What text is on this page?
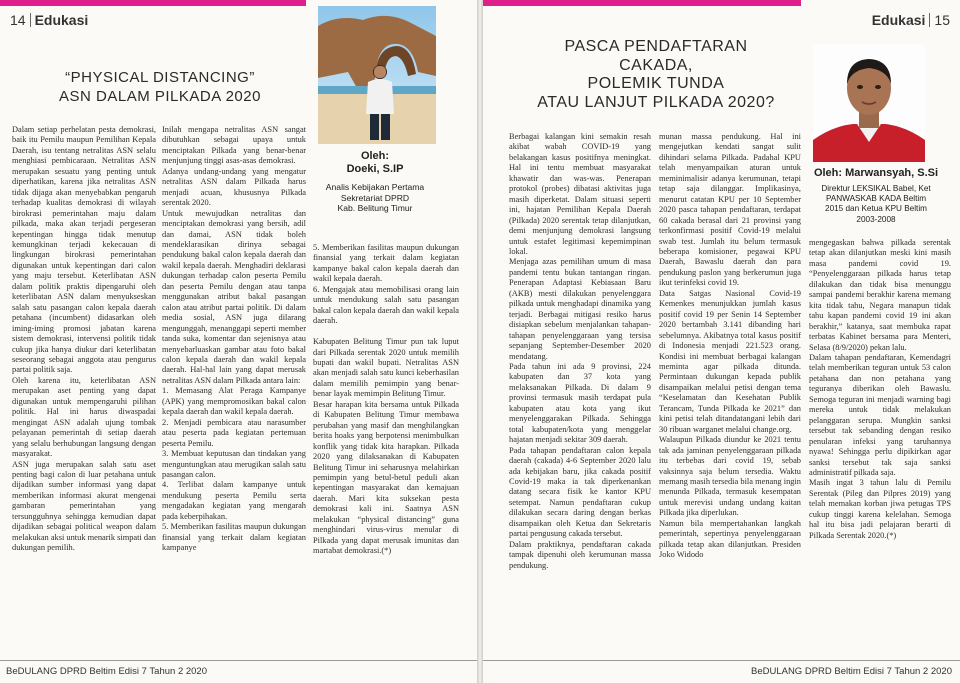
14 Edukasi
“PHYSICAL DISTANCING”
ASN DALAM PILKADA 2020
Oleh:
Doeki, S.IP
Analis Kebijakan Pertama
Sekretariat DPRD
Kab. Belitung Timur
Dalam setiap perhelatan pesta demokrasi, baik itu Pemilu maupun Pemilihan Kepala Daerah, isu tentang netralitas ASN selalu menghiasi pembicaraan. Netralitas ASN merupakan sesuatu yang penting untuk diperhatikan, karena jika netralitas ASN tidak dijaga akan menyebabkan pengaruh terhadap kualitas demokrasi di wilayah birokrasi pemerintahan maju dalam pilkada, maka akan terjadi pergeseran kepentingan hingga tidak menutup kemungkinan terjadi kekecauan di lingkungan birokrasi pemerintahan digunakan untuk kepentingan dari calon yang maju tersebut. Keterlibatan ASN dalam politik praktis dipengaruhi oleh keterlibatan ASN dalam menyukseskan salah satu pasangan calon kepala daerah petahana (incumbent) didasarkan oleh iming-iming promosi jabatan karena sistem demokrasi, intervensi politik tidak cukup jika hanya diukur dari keterlibatan seseorang sebagai anggota atau pengurus partai politik saja.
Oleh karena itu, keterlibatan ASN merupakan aset penting yang dapat digunakan untuk mempengaruhi pilihan politik. Hal ini harus diwaspadai mengingat ASN adalah ujung tombak pelayanan pemerintah di setiap daerah yang selalu berhubungan langsung dengan masyarakat.
ASN juga merupakan salah satu aset penting bagi calon di luar petahana untuk dijadikan sumber informasi yang dapat memberikan informasi akurat mengenai gambaran pemerintahan yang tersungguhnya sehingga kemudian dapat dijadikan sebagai political weapon dalam melakukan aksi untuk menarik simpati dan dukungan pemilih.
Inilah mengapa netralitas ASN sangat dibutuhkan sebagai upaya untuk menciptakan Pilkada yang benar-benar menjunjung tinggi asas-asas demokrasi.
Adanya undang-undang yang mengatur netralitas ASN dalam Pilkada harus menjadi acuan, khususnya Pilkada serentak 2020.
Untuk mewujudkan netralitas dan menciptakan demokrasi yang bersih, adil dan damai, ASN tidak boleh mendeklarasikan dirinya sebagai pendukung bakal calon kepala daerah dan wakil kepala daerah. Menghadiri deklarasi dukungan terhadap calon peserta Pemilu dan peserta Pemilu dengan atau tanpa menggunakan atribut bakal pasangan calon atau atribut partai politik. Di dalam media sosial, ASN juga dilarang mengunggah, menanggapi seperti member tanda suka, komentar dan sejenisnya atau menyebarluaskan gambar atau foto bakal calon kepala daerah dan wakil kepala daerah. Hal-hal lain yang dapat merusak netralitas ASN dalam Pilkada antara lain:
1. Memasang Alat Peraga Kampanye (APK) yang mempromosikan bakal calon kepala daerah dan wakil kepala daerah.
2. Menjadi pembicara atau narasumber atau peserta pada kegiatan pertemuan peserta Pemilu.
3. Membuat keputusan dan tindakan yang menguntungkan atau merugikan salah satu pasangan calon.
4. Terlibat dalam kampanye untuk mendukung peserta Pemilu serta mengadakan kegiatan yang mengarah pada keberpihakan.
5. Memberikan fasilitas maupun dukungan finansial yang terkait dalam kegiatan kampanye
5. Memberikan fasilitas maupun dukungan finansial yang terkait dalam kegiatan kampanye bakal calon kepala daerah dan wakil kepala daerah.
6. Mengajak atau memobilisasi orang lain untuk mendukung salah satu pasangan bakal calon kepala daerah dan wakil kepala daerah.

Kabupaten Belitung Timur pun tak luput dari Pilkada serentak 2020 untuk memilih bupati dan wakil bupati. Netralitas ASN akan menjadi salah satu kunci keberhasilan dalam memilih pemimpin yang benar-benar layak memimpin Belitung Timur.
Besar harapan kita bersama untuk Pilkada di Kabupaten Belitung Timur membawa perubahan yang masif dan menghilangkan berita hoaks yang berpotensi menimbulkan konflik yang tidak kita harapkan. Pilkada 2020 yang dilaksanakan di Kabupaten Belitung Timur ini seharusnya melahirkan pemimpin yang betul-betul peduli akan kepentingan masyarakat dan kemajuan daerah. Mari kita suksekan pesta demokrasi kali ini. Saatnya ASN melakukan “physical distancing” guna menghindari virus-virus menular di Pilkada yang dapat merusak imunitas dan martabat demokrasi.(*)
BeDULANG DPRD Beltim Edisi 7 Tahun 2 2020
Edukasi 15
PASCA PENDAFTARAN
CAKADA,
POLEMIK TUNDA
ATAU LANJUT PILKADA 2020?
Oleh: Marwansyah, S.Si
Direktur LEKSIKAL Babel, Ket
PANWASKAB KADA Beltim
2015 dan Ketua KPU Beltim
2003-2008
Berbagai kalangan kini semakin resah akibat wabah COVID-19 yang belakangan kasus positifnya meningkat. Hal ini tentu membuat masyarakat khawatir dan was-was. Penerapan protokol (probes) dibatasi aktivitas juga masih diperketat. Dalam situasi seperti ini, hajatan Pemilihan Kepala Daerah (Pilkada) 2020 serentak tetap dilanjutkan, demi menjunjung demokrasi langsung untuk estafet legitimasi kepemimpinan lokal.
Menjaga azas pemilihan umum di masa pandemi tentu bukan tantangan ringan. Penerapan Adaptasi Kebiasaan Baru (AKB) mesti dilakukan penyelenggara pilkada untuk menghadapi dinamika yang terjadi. Berbagai mitigasi resiko harus disiapkan sebelum menjalankan tahapan-tahapan penyelenggaraan yang tersisa sepanjang September-Desember 2020 mendatang.
Pada tahun ini ada 9 provinsi, 224 kabupaten dan 37 kota yang melaksanakan Pilkada. Di dalam 9 provinsi termasuk masih terdapat pula kabupaten atau kota yang ikut menyelenggarakan Pilkada. Sehingga total kabupaten/kota yang menggelar hajatan menjadi sekitar 309 daerah.
Pada tahapan pendaftaran calon kepala daerah (cakada) 4-6 September 2020 lalu ada kebijakan baru, jika cakada positif Covid-19 maka ia tak diperkenankan datang secara fisik ke kantor KPU setempat. Namun pendaftaran cukup dilakukan secara daring dengan berkas disampaikan oleh Ketua dan Sekretaris partai pengusung cakada tersebut.
Dalam praktiknya, pendaftaran cakada tampak dipenuhi oleh kerumunan massa pendukung.
munan massa pendukung. Hal ini mengejutkan kendati sangat sulit dihindari selama Pilkada. Padahal KPU telah menyampaikan aturan untuk meminimalisir adanya kerumunan, tetapi tetap saja dilanggar. Implikasinya, menurut catatan KPU per 10 September 2020 pasca tahapan pendaftaran, terdapat 60 cakada berasal dari 21 provinsi yang terkonfirmasi positif Covid-19 melalui swab test. Jumlah itu belum termasuk beberapa komisioner, pegawai KPU Daerah, Bawaslu daerah dan para pendukung paslon yang berkerumun juga ikut terinfeksi covid 19.
Data Satgas Nasional Covid-19 Kemenkes menunjukkan jumlah kasus positif covid 19 per Senin 14 September 2020 bertambah 3.141 dibanding hari sebelumnya. Akibatnya total kasus positif di Indonesia menjadi 221.523 orang. Kondisi ini membuat berbagai kalangan meminta agar pilkada ditunda. Permintaan dukungan kepada publik disampaikan melalui petisi dengan tema “Keselamatan dan Kesehatan Publik Terancam, Tunda Pilkada ke 2021” dan kini petisi telah ditandatangani lebih dari 30 ribuan warganet melalui change.org.
Walaupun Pilkada diundur ke 2021 tentu tak ada jaminan penyelenggaraan pilkada itu terbebas dari covid 19, sebab vaksinnya saja belum tersedia. Waktu memang masih tersedia bila menang ingin menunda Pilkada, termasuk kesempatan untuk merevisi undang undang kaitan Pilkada jika diperlukan.
Namun bila mempertahankan langkah pemerintah, sepertinya penyelenggaraan pilkada tetap akan dilanjutkan. Presiden Joko Widodo
mengegaskan bahwa pilkada serentak tetap akan dilanjutkan meski kini masih masa pandemi covid 19. “Penyelenggaraan pilkada harus tetap dilakukan dan tidak bisa menunggu sampai pandemi berakhir karena memang kita tidak tahu, Negara manapun tidak tahu kapan pandemi covid 19 ini akan berakhir,” katanya, saat membuka rapat terbatas Kabinet bersama para Menteri, Selasa (8/9/2020) pekan lalu.
Dalam tahapan pendaftaran, Kemendagri telah memberikan teguran untuk 53 calon petahana dan non petahana yang teguranya diberikan oleh Bawaslu. Semoga teguran ini menjadi warning bagi mereka untuk tidak melakukan pelanggaran serupa. Mungkin sanksi tersebut tak sebanding dengan resiko penularan infeksi yang taruhannya nyawa! Sehingga perlu dipikirkan agar sanksi tersebut tak saja sanksi administratif pilkada saja.
Masih ingat 3 tahun lalu di Pemilu Serentak (Pileg dan Pilpres 2019) yang telah memakan korban jiwa petugas TPS cukup tinggi karena kelelahan. Semoga hal itu bisa jadi pelajaran berarti di Pilkada Serentak 2020.(*)
BeDULANG DPRD Beltim Edisi 7 Tahun 2 2020
